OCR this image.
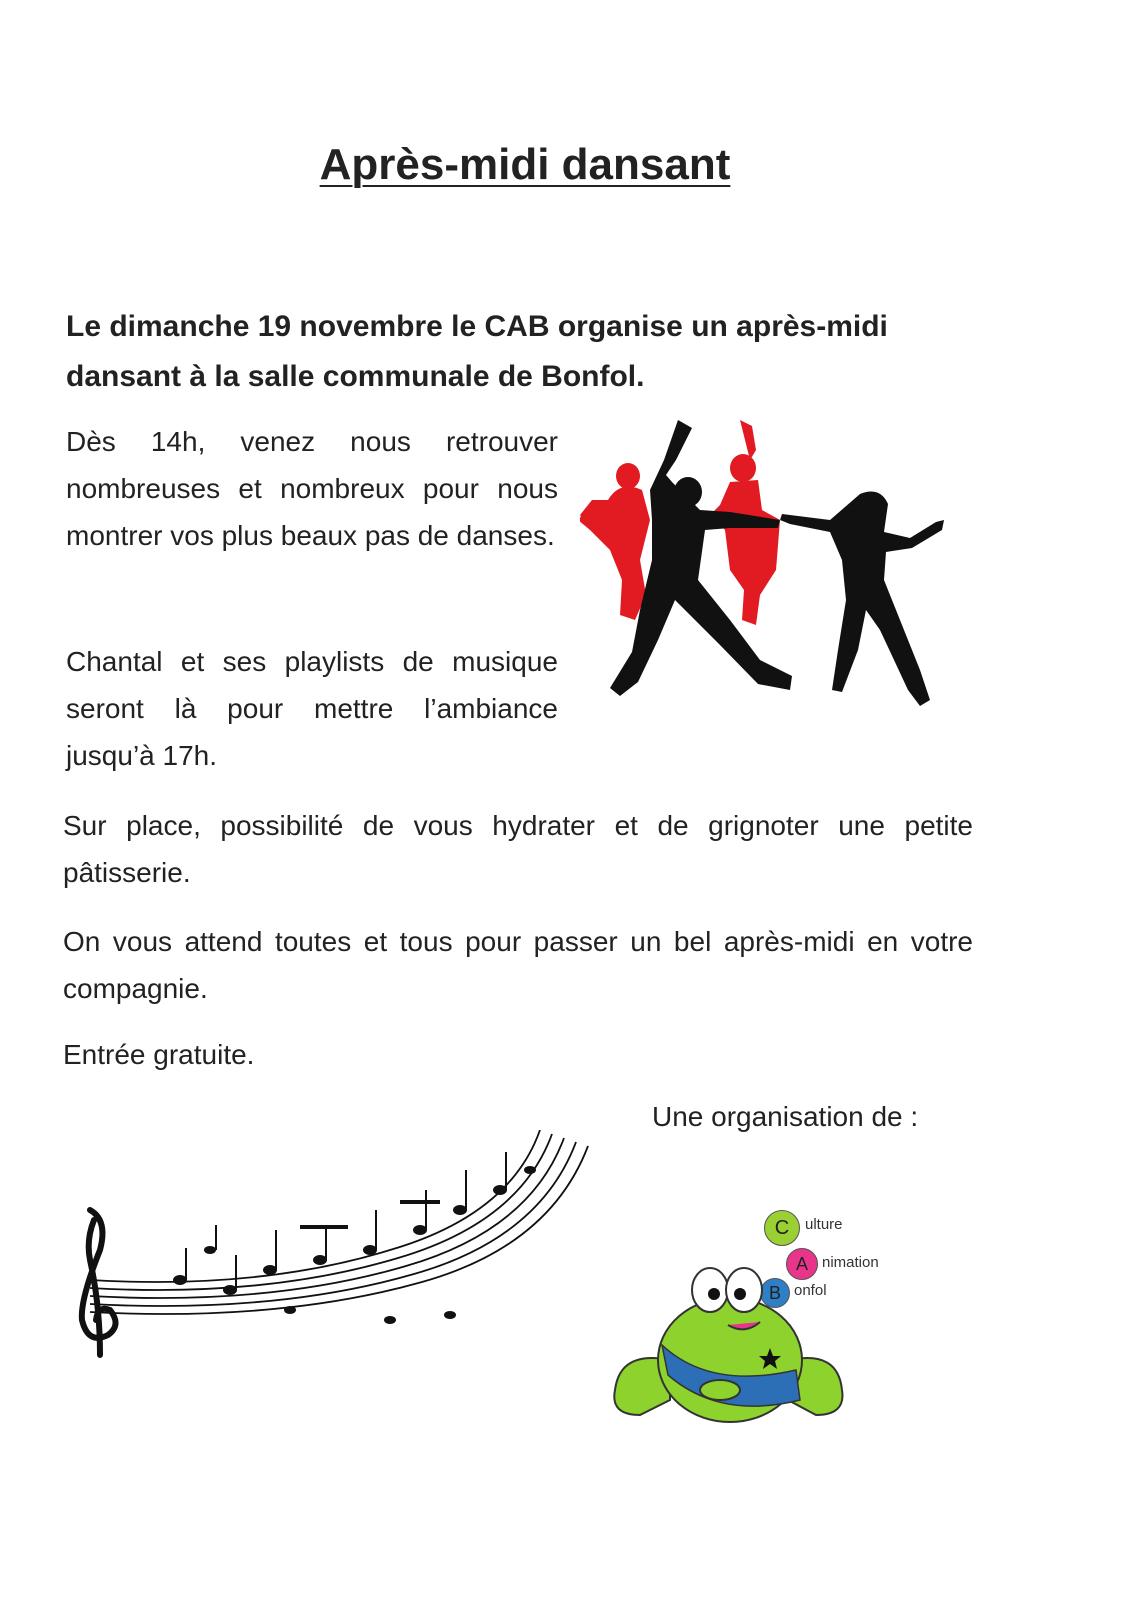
Après-midi dansant
Le dimanche 19 novembre le CAB organise un après-midi dansant à la salle communale de Bonfol.
Dès 14h, venez nous retrouver nombreuses et nombreux pour nous montrer vos plus beaux pas de danses.
Chantal et ses playlists de musique seront là pour mettre l’ambiance jusqu’à 17h.
Sur place, possibilité de vous hydrater et de grignoter une petite pâtisserie.
On vous attend toutes et tous pour passer un bel après-midi en votre compagnie.
Entrée gratuite.
Une organisation de :
C	ulture
A nimation
B onfol
